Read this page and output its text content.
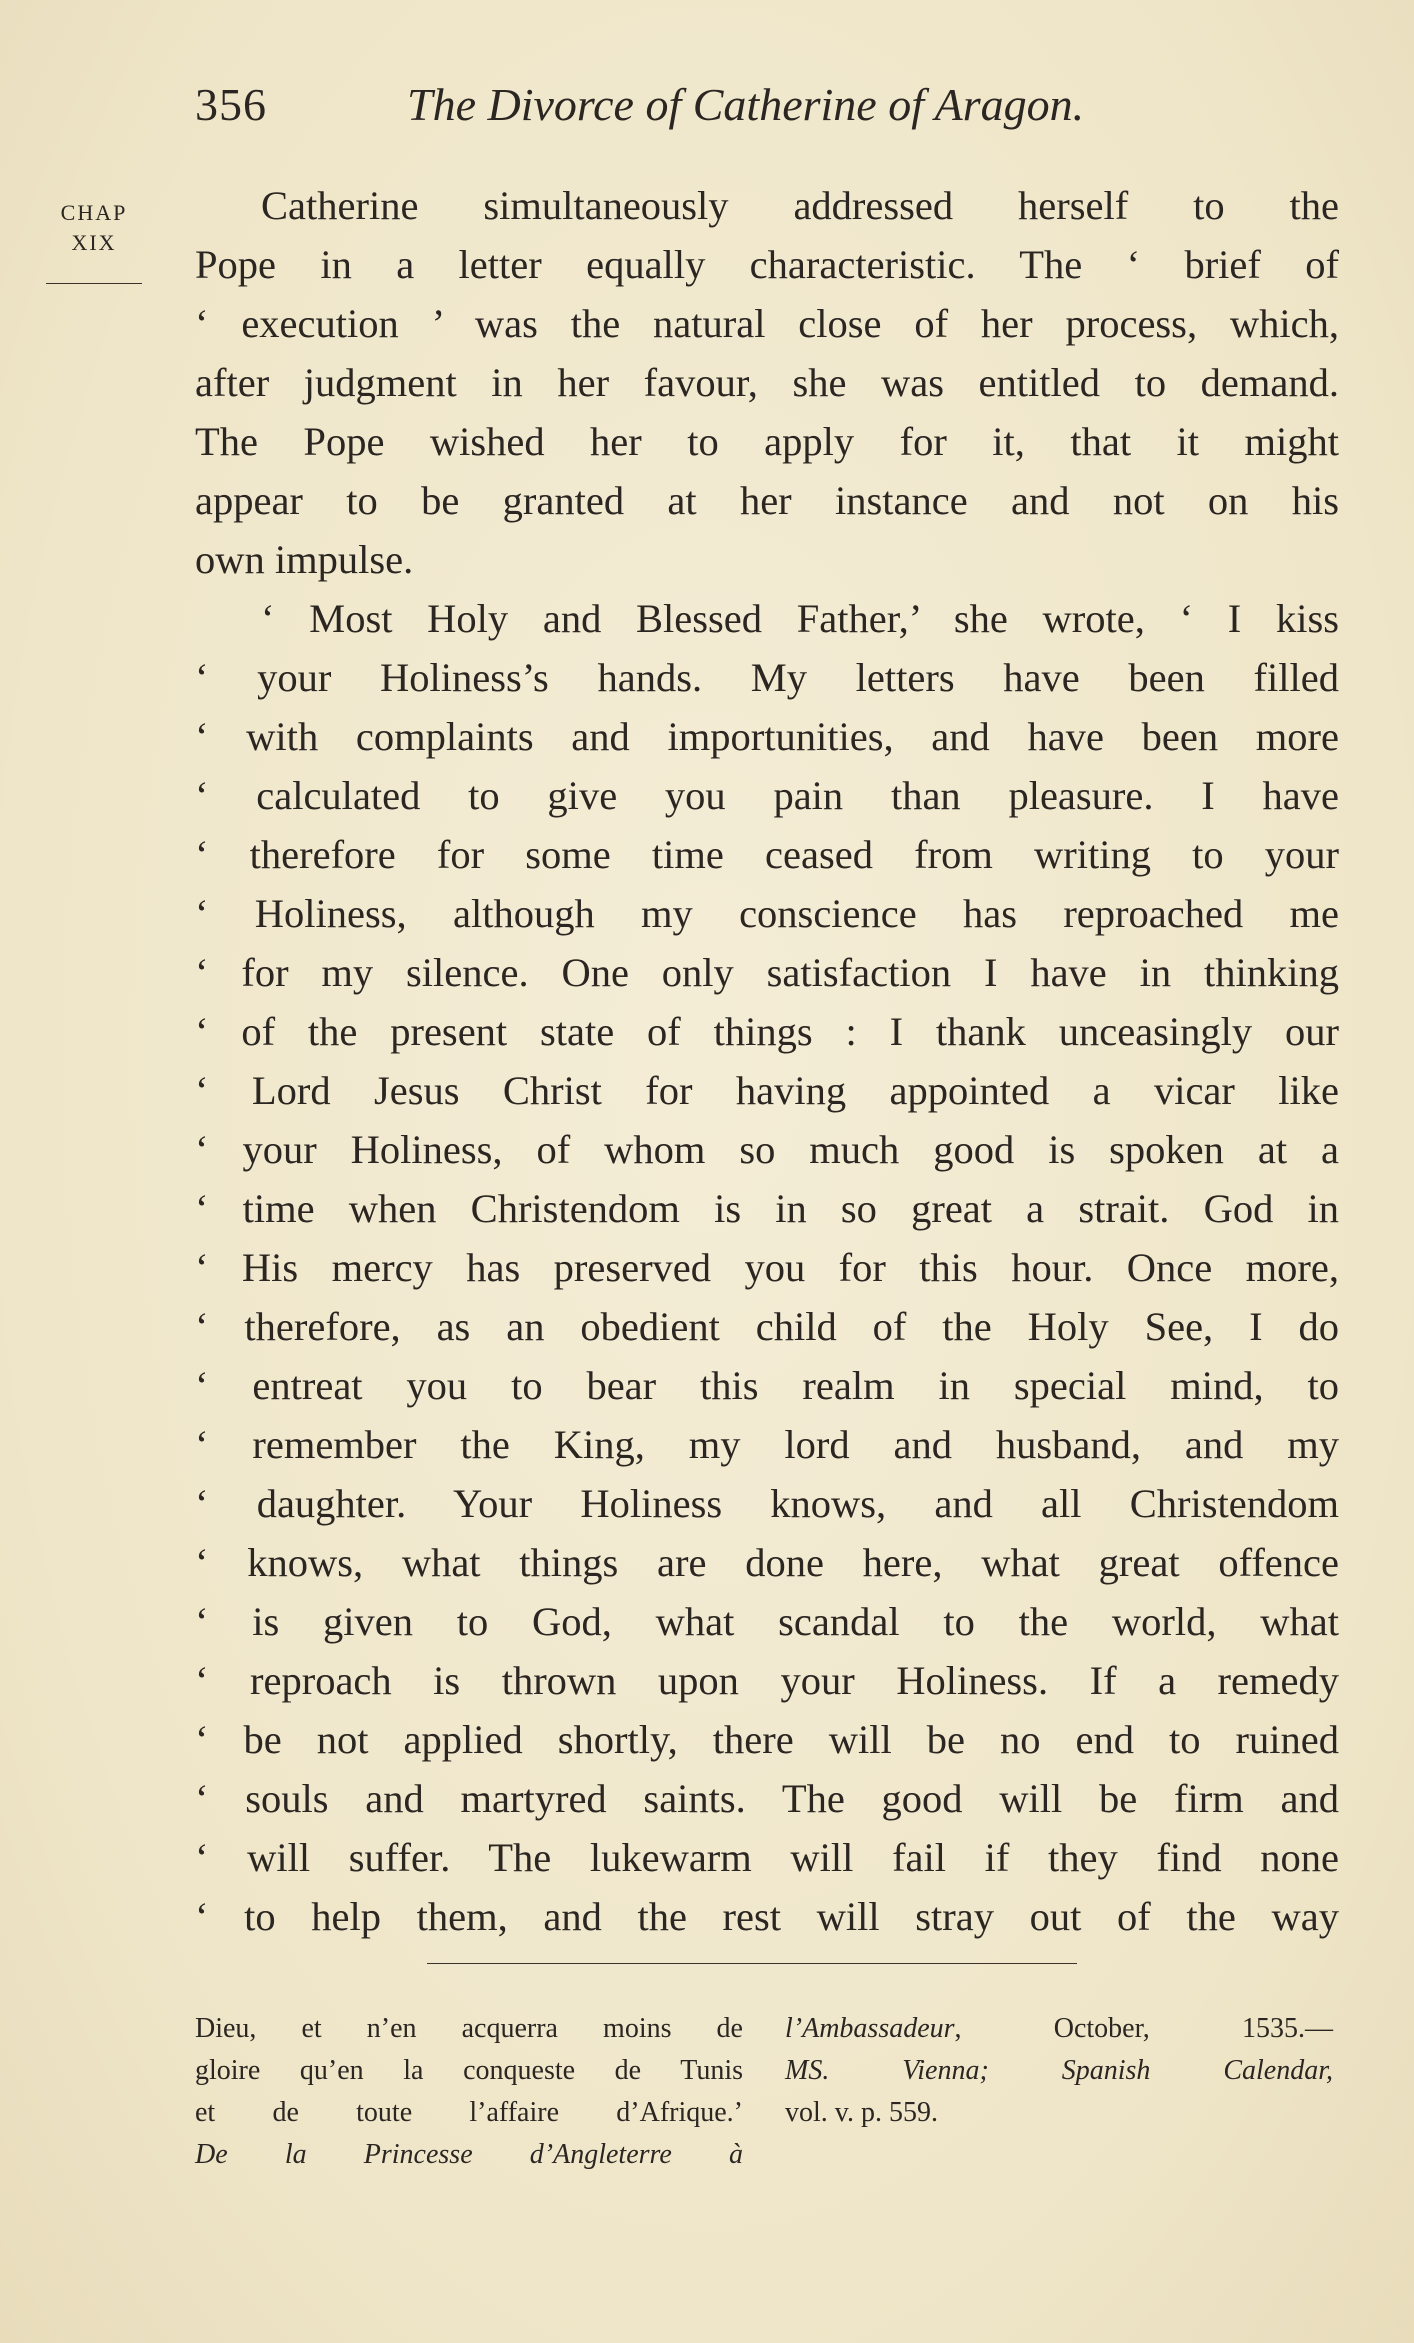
356	The Divorce of Catherine of Aragon.
CHAP
XIX
Catherine simultaneously addressed herself to the
Pope in a letter equally characteristic. The ‘ brief of
‘ execution ’ was the natural close of her process, which,
after judgment in her favour, she was entitled to demand.
The Pope wished her to apply for it, that it might
appear to be granted at her instance and not on his
own impulse.
‘ Most Holy and Blessed Father,’ she wrote, ‘ I kiss
‘ your Holiness’s hands. My letters have been filled
‘ with complaints and importunities, and have been more
‘ calculated to give you pain than pleasure. I have
‘ therefore for some time ceased from writing to your
‘ Holiness, although my conscience has reproached me
‘ for my silence. One only satisfaction I have in thinking
‘ of the present state of things : I thank unceasingly our
‘ Lord Jesus Christ for having appointed a vicar like
‘ your Holiness, of whom so much good is spoken at a
‘ time when Christendom is in so great a strait. God in
‘ His mercy has preserved you for this hour. Once more,
‘ therefore, as an obedient child of the Holy See, I do
‘ entreat you to bear this realm in special mind, to
‘ remember the King, my lord and husband, and my
‘ daughter. Your Holiness knows, and all Christendom
‘ knows, what things are done here, what great offence
‘ is given to God, what scandal to the world, what
‘ reproach is thrown upon your Holiness. If a remedy
‘ be not applied shortly, there will be no end to ruined
‘ souls and martyred saints. The good will be firm and
‘ will suffer. The lukewarm will fail if they find none
‘ to help them, and the rest will stray out of the way
Dieu, et n’en acquerra moins de
gloire qu’en la conqueste de Tunis
et de toute l’affaire d’Afrique.’
De la Princesse d’Angleterre à
l’Ambassadeur, October, 1535.—
MS. Vienna; Spanish Calendar,
vol. v. p. 559.
